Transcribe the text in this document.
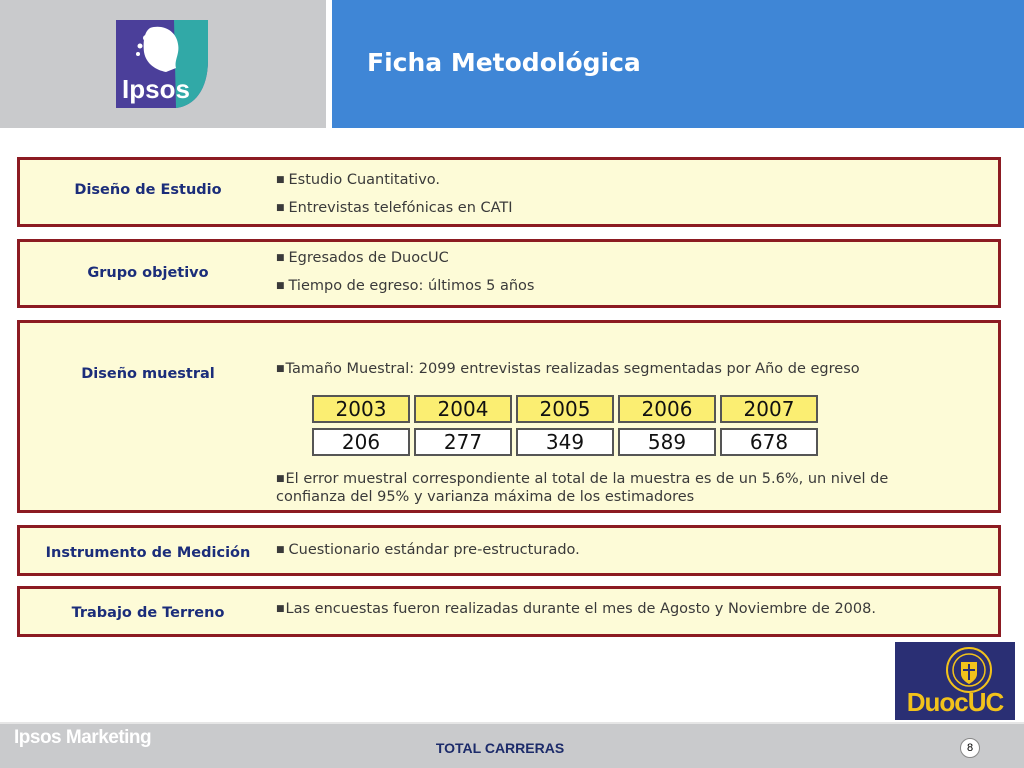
Ipsos
Ficha Metodológica
Diseño de Estudio
■ Estudio Cuantitativo.
■ Entrevistas telefónicas en CATI
Grupo objetivo
■ Egresados de DuocUC
■ Tiempo de egreso: últimos 5 años
Diseño muestral	■Tamaño Muestral: 2099 entrevistas realizadas segmentadas por Año de egreso
2003	2004	2005	2006	2007
206	277	349	589	678
■El error muestral correspondiente al total de la muestra es de un 5.6%, un nivel de
confianza del 95% y varianza máxima de los estimadores
Instrumento de Medición	■ Cuestionario estándar pre-estructurado.
Trabajo de Terreno	■Las encuestas fueron realizadas durante el mes de Agosto y Noviembre de 2008.
DuocUC
Ipsos Marketing	TOTAL CARRERAS	8
